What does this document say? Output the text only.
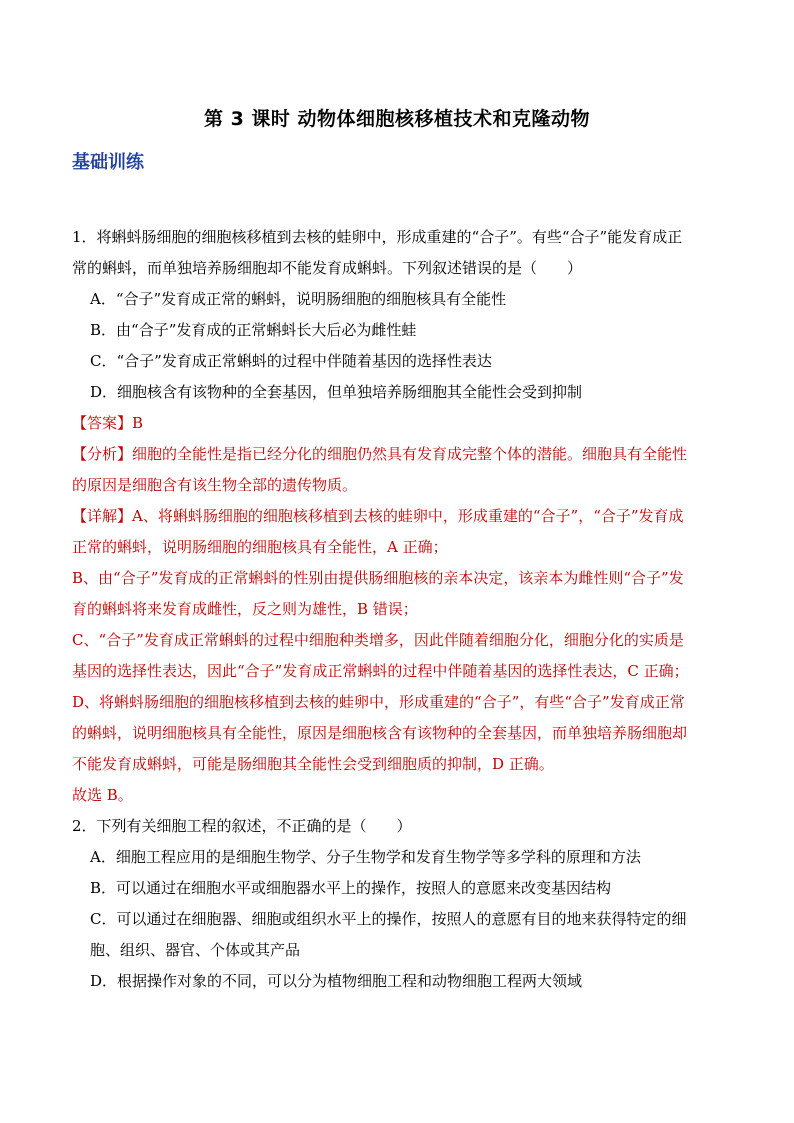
第 3 课时 动物体细胞核移植技术和克隆动物
基础训练

1．将蝌蚪肠细胞的细胞核移植到去核的蛙卵中，形成重建的“合子”。有些“合子”能发育成正

常的蝌蚪，而单独培养肠细胞却不能发育成蝌蚪。下列叙述错误的是（　　）

A．“合子”发育成正常的蝌蚪，说明肠细胞的细胞核具有全能性

B．由“合子”发育成的正常蝌蚪长大后必为雌性蛙

C．“合子”发育成正常蝌蚪的过程中伴随着基因的选择性表达

D．细胞核含有该物种的全套基因，但单独培养肠细胞其全能性会受到抑制

【答案】B

【分析】细胞的全能性是指已经分化的细胞仍然具有发育成完整个体的潜能。细胞具有全能性

的原因是细胞含有该生物全部的遗传物质。

【详解】A、将蝌蚪肠细胞的细胞核移植到去核的蛙卵中，形成重建的“合子”，“合子”发育成

正常的蝌蚪，说明肠细胞的细胞核具有全能性，A 正确；

B、由“合子”发育成的正常蝌蚪的性别由提供肠细胞核的亲本决定，该亲本为雌性则“合子”发

育的蝌蚪将来发育成雌性，反之则为雄性，B 错误；

C、“合子”发育成正常蝌蚪的过程中细胞种类增多，因此伴随着细胞分化，细胞分化的实质是

基因的选择性表达，因此“合子”发育成正常蝌蚪的过程中伴随着基因的选择性表达，C 正确；

D、将蝌蚪肠细胞的细胞核移植到去核的蛙卵中，形成重建的“合子”，有些“合子”发育成正常

的蝌蚪，说明细胞核具有全能性，原因是细胞核含有该物种的全套基因，而单独培养肠细胞却

不能发育成蝌蚪，可能是肠细胞其全能性会受到细胞质的抑制，D 正确。

故选 B。

2．下列有关细胞工程的叙述，不正确的是（　　）

A．细胞工程应用的是细胞生物学、分子生物学和发育生物学等多学科的原理和方法

B．可以通过在细胞水平或细胞器水平上的操作，按照人的意愿来改变基因结构

C．可以通过在细胞器、细胞或组织水平上的操作，按照人的意愿有目的地来获得特定的细

胞、组织、器官、个体或其产品

D．根据操作对象的不同，可以分为植物细胞工程和动物细胞工程两大领域
